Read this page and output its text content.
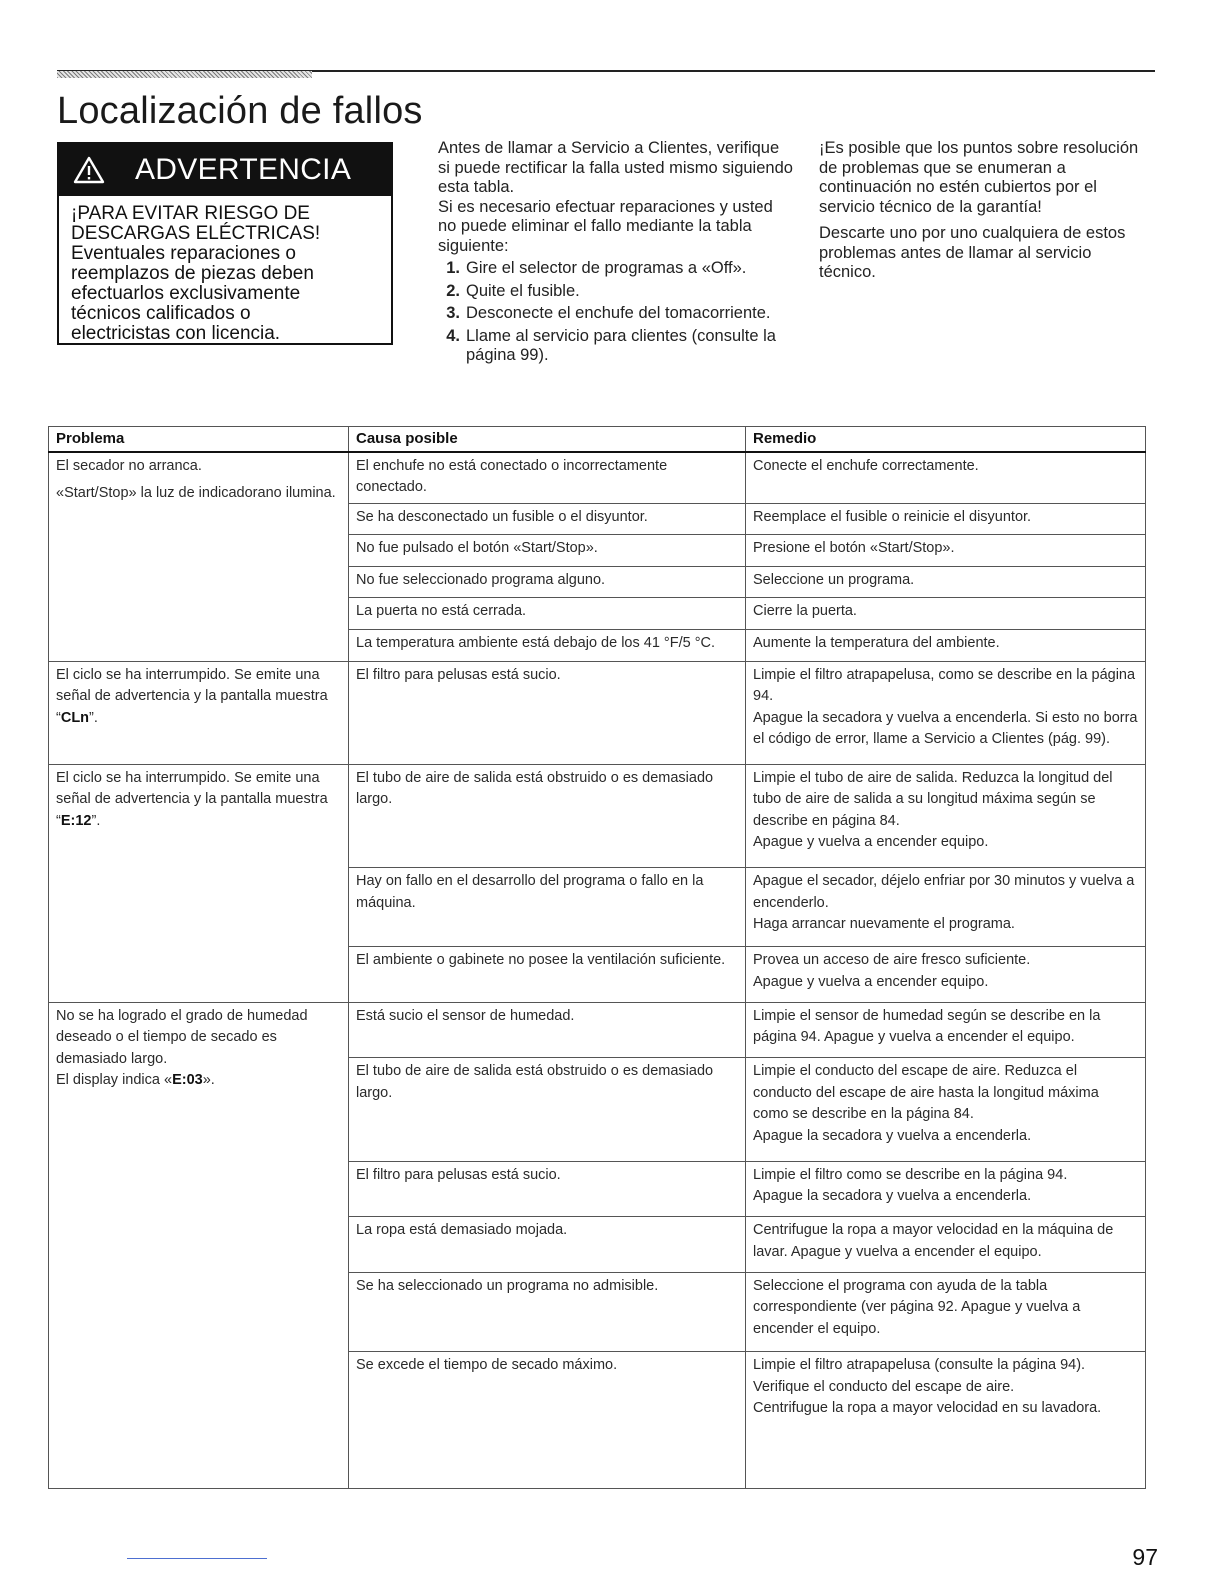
Localización de fallos
ADVERTENCIA

¡PARA EVITAR RIESGO DE

DESCARGAS ELÉCTRICAS!

Eventuales reparaciones o

reemplazos de piezas deben

efectuarlos exclusivamente

técnicos calificados o

electricistas con licencia.

Antes de llamar a Servicio a Clientes, verifique si puede rectificar la falla usted mismo siguiendo esta tabla.

Si es necesario efectuar reparaciones y usted no puede eliminar el fallo mediante la tabla siguiente:

1. Gire el selector de programas a «Off».
2. Quite el fusible.
3. Desconecte el enchufe del tomacorriente.
4. Llame al servicio para clientes (consulte la página 99).

¡Es posible que los puntos sobre resolución de problemas que se enumeran a continuación no estén cubiertos por el servicio técnico de la garantía!

Descarte uno por uno cualquiera de estos problemas antes de llamar al servicio técnico.

Problema	Causa posible	Remedio

El secador no arranca.

«Start/Stop» la luz de indicadorano ilumina.	El enchufe no está conectado o incorrectamente conectado.	Conecte el enchufe correctamente.
	Se ha desconectado un fusible o el disyuntor.	Reemplace el fusible o reinicie el disyuntor.
	No fue pulsado el botón «Start/Stop».	Presione el botón «Start/Stop».
	No fue seleccionado programa alguno.	Seleccione un programa.
	La puerta no está cerrada.	Cierre la puerta.
	La temperatura ambiente está debajo de los 41 °F/5 °C.	Aumente la temperatura del ambiente.
El ciclo se ha interrumpido. Se emite una señal de advertencia y la pantalla muestra “CLn”.	El filtro para pelusas está sucio.	Limpie el filtro atrapapelusa, como se describe en la página 94.
Apague la secadora y vuelva a encenderla. Si esto no borra el código de error, llame a Servicio a Clientes (pág. 99).
El ciclo se ha interrumpido. Se emite una señal de advertencia y la pantalla muestra “E:12”.	El tubo de aire de salida está obstruido o es demasiado largo.	Limpie el tubo de aire de salida. Reduzca la longitud del tubo de aire de salida a su longitud máxima según se describe en página 84.
Apague y vuelva a encender equipo.
	Hay on fallo en el desarrollo del programa o fallo en la máquina.	Apague el secador, déjelo enfriar por 30 minutos y vuelva a encenderlo.
Haga arrancar nuevamente el programa.
	El ambiente o gabinete no posee la ventilación suficiente.	Provea un acceso de aire fresco suficiente.
Apague y vuelva a encender equipo.

No se ha logrado el grado de humedad deseado o el tiempo de secado es demasiado largo.

El display indica «E:03».	Está sucio el sensor de humedad.	Limpie el sensor de humedad según se describe en la página 94. Apague y vuelva a encender el equipo.
	El tubo de aire de salida está obstruido o es demasiado largo.	Limpie el conducto del escape de aire. Reduzca el conducto del escape de aire hasta la longitud máxima como se describe en la página 84.
Apague la secadora y vuelva a encenderla.
	El filtro para pelusas está sucio.	Limpie el filtro como se describe en la página 94.
Apague la secadora y vuelva a encenderla.
	La ropa está demasiado mojada.	Centrifugue la ropa a mayor velocidad en la máquina de lavar. Apague y vuelva a encender el equipo.
	Se ha seleccionado un programa no admisible.	Seleccione el programa con ayuda de la tabla correspondiente (ver página 92. Apague y vuelva a encender el equipo.
	Se excede el tiempo de secado máximo.	Limpie el filtro atrapapelusa (consulte la página 94).
Verifique el conducto del escape de aire.
Centrifugue la ropa a mayor velocidad en su lavadora.
97
